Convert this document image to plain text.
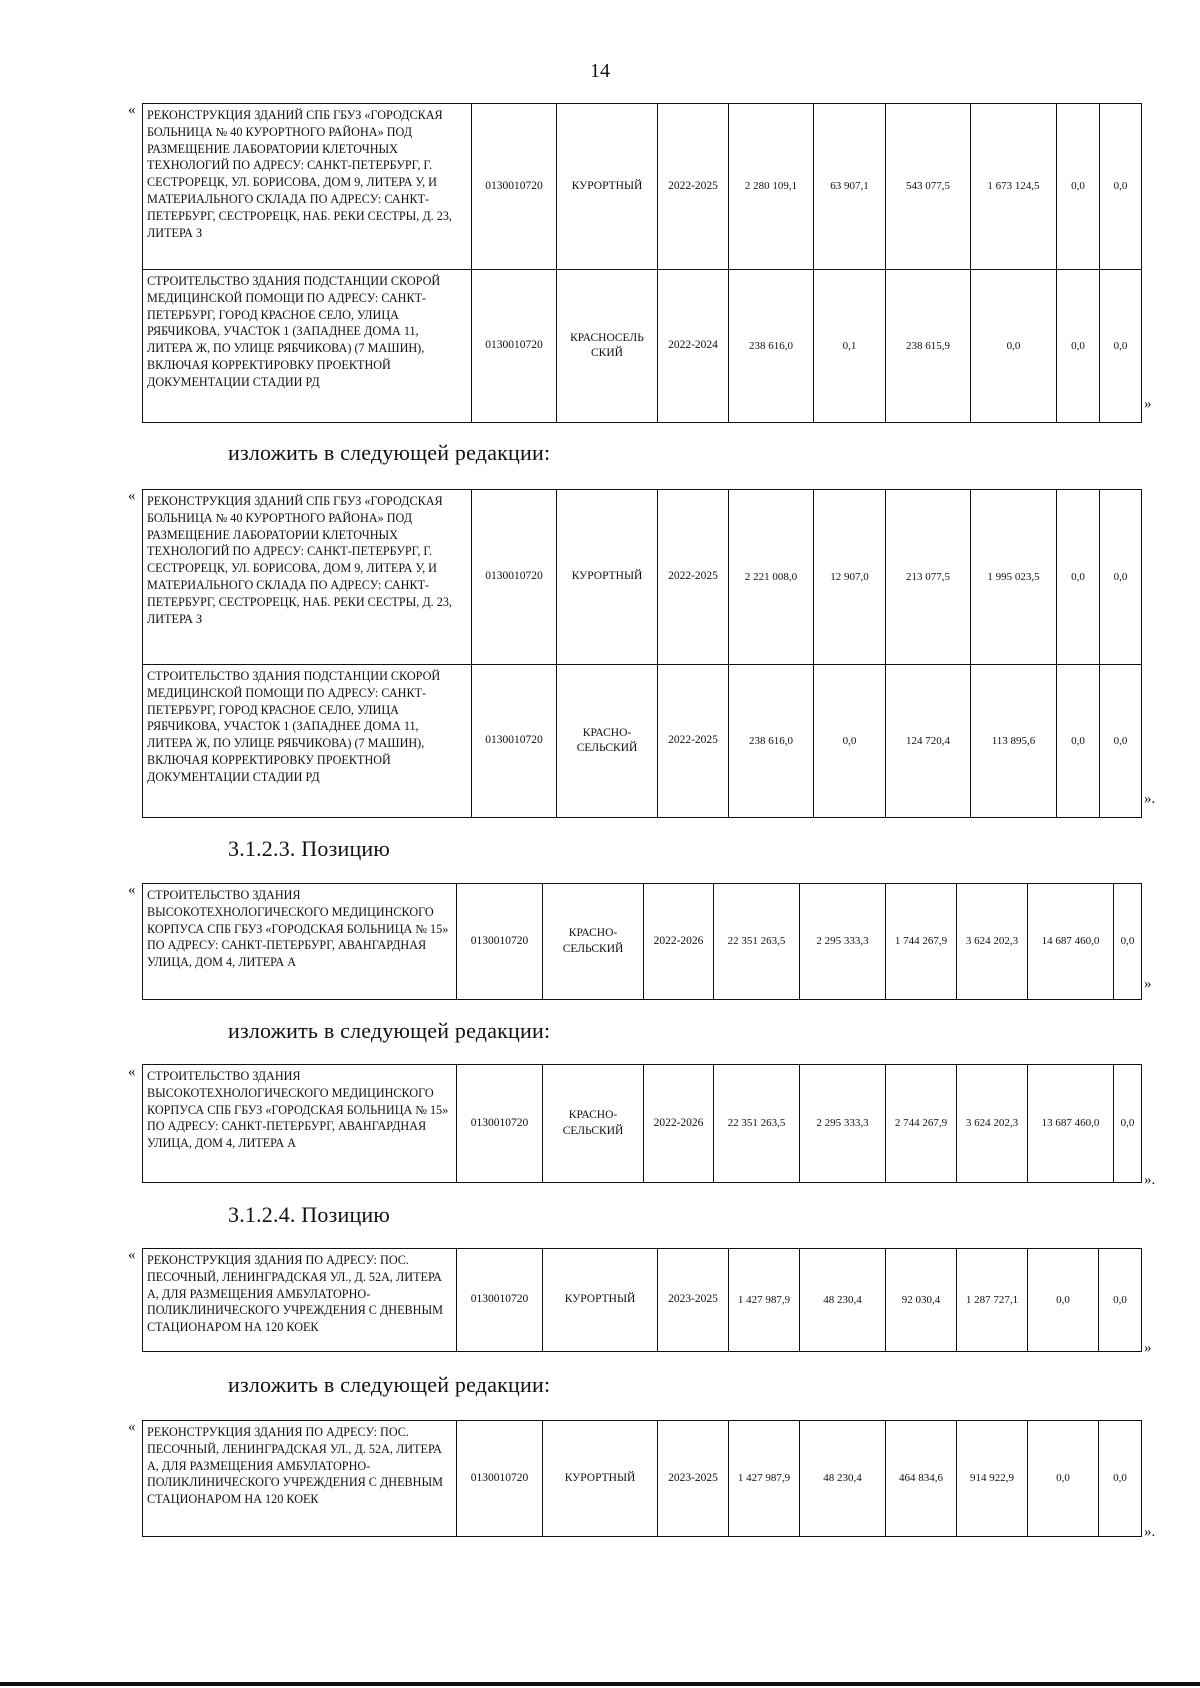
14
« РЕКОНСТРУКЦИЯ ЗДАНИЙ СПБ ГБУЗ «ГОРОДСКАЯ БОЛЬНИЦА № 40 КУРОРТНОГО РАЙОНА» ПОД РАЗМЕЩЕНИЕ ЛАБОРАТОРИИ КЛЕТОЧНЫХ ТЕХНОЛОГИЙ ПО АДРЕСУ: САНКТ-ПЕТЕРБУРГ, Г. СЕСТРОРЕЦК, УЛ. БОРИСОВА, ДОМ 9, ЛИТЕРА У, И МАТЕРИАЛЬНОГО СКЛАДА ПО АДРЕСУ: САНКТ-ПЕТЕРБУРГ, СЕСТРОРЕЦК, НАБ. РЕКИ СЕСТРЫ, Д. 23, ЛИТЕРА З	0130010720	КУРОРТНЫЙ	2022-2025	2 280 109,1	63 907,1	543 077,5	1 673 124,5	0,0	0,0
СТРОИТЕЛЬСТВО ЗДАНИЯ ПОДСТАНЦИИ СКОРОЙ МЕДИЦИНСКОЙ ПОМОЩИ ПО АДРЕСУ: САНКТ-ПЕТЕРБУРГ, ГОРОД КРАСНОЕ СЕЛО, УЛИЦА РЯБЧИКОВА, УЧАСТОК 1 (ЗАПАДНЕЕ ДОМА 11, ЛИТЕРА Ж, ПО УЛИЦЕ РЯБЧИКОВА) (7 МАШИН), ВКЛЮЧАЯ КОРРЕКТИРОВКУ ПРОЕКТНОЙ ДОКУМЕНТАЦИИ СТАДИИ РД	0130010720	КРАСНОСЕЛЬ СКИЙ	2022-2024	238 616,0	0,1	238 615,9	0,0	0,0	0,0
»
изложить в следующей редакции:
« РЕКОНСТРУКЦИЯ ЗДАНИЙ СПБ ГБУЗ «ГОРОДСКАЯ БОЛЬНИЦА № 40 КУРОРТНОГО РАЙОНА» ПОД РАЗМЕЩЕНИЕ ЛАБОРАТОРИИ КЛЕТОЧНЫХ ТЕХНОЛОГИЙ ПО АДРЕСУ: САНКТ-ПЕТЕРБУРГ, Г. СЕСТРОРЕЦК, УЛ. БОРИСОВА, ДОМ 9, ЛИТЕРА У, И МАТЕРИАЛЬНОГО СКЛАДА ПО АДРЕСУ: САНКТ-ПЕТЕРБУРГ, СЕСТРОРЕЦК, НАБ. РЕКИ СЕСТРЫ, Д. 23, ЛИТЕРА З	0130010720	КУРОРТНЫЙ	2022-2025	2 221 008,0	12 907,0	213 077,5	1 995 023,5	0,0	0,0
СТРОИТЕЛЬСТВО ЗДАНИЯ ПОДСТАНЦИИ СКОРОЙ МЕДИЦИНСКОЙ ПОМОЩИ ПО АДРЕСУ: САНКТ-ПЕТЕРБУРГ, ГОРОД КРАСНОЕ СЕЛО, УЛИЦА РЯБЧИКОВА, УЧАСТОК 1 (ЗАПАДНЕЕ ДОМА 11, ЛИТЕРА Ж, ПО УЛИЦЕ РЯБЧИКОВА) (7 МАШИН), ВКЛЮЧАЯ КОРРЕКТИРОВКУ ПРОЕКТНОЙ ДОКУМЕНТАЦИИ СТАДИИ РД	0130010720	КРАСНО-СЕЛЬСКИЙ	2022-2025	238 616,0	0,0	124 720,4	113 895,6	0,0	0,0
».
3.1.2.3. Позицию
« СТРОИТЕЛЬСТВО ЗДАНИЯ ВЫСОКОТЕХНОЛОГИЧЕСКОГО МЕДИЦИНСКОГО КОРПУСА СПБ ГБУЗ «ГОРОДСКАЯ БОЛЬНИЦА № 15» ПО АДРЕСУ: САНКТ-ПЕТЕРБУРГ, АВАНГАРДНАЯ УЛИЦА, ДОМ 4, ЛИТЕРА А	0130010720	КРАСНО-СЕЛЬСКИЙ	2022-2026	22 351 263,5	2 295 333,3	1 744 267,9	3 624 202,3	14 687 460,0	0,0
»
изложить в следующей редакции:
« СТРОИТЕЛЬСТВО ЗДАНИЯ ВЫСОКОТЕХНОЛОГИЧЕСКОГО МЕДИЦИНСКОГО КОРПУСА СПБ ГБУЗ «ГОРОДСКАЯ БОЛЬНИЦА № 15» ПО АДРЕСУ: САНКТ-ПЕТЕРБУРГ, АВАНГАРДНАЯ УЛИЦА, ДОМ 4, ЛИТЕРА А	0130010720	КРАСНО-СЕЛЬСКИЙ	2022-2026	22 351 263,5	2 295 333,3	2 744 267,9	3 624 202,3	13 687 460,0	0,0
».
3.1.2.4. Позицию
« РЕКОНСТРУКЦИЯ ЗДАНИЯ ПО АДРЕСУ: ПОС. ПЕСОЧНЫЙ, ЛЕНИНГРАДСКАЯ УЛ., Д. 52А, ЛИТЕРА А, ДЛЯ РАЗМЕЩЕНИЯ АМБУЛАТОРНО-ПОЛИКЛИНИЧЕСКОГО УЧРЕЖДЕНИЯ С ДНЕВНЫМ СТАЦИОНАРОМ НА 120 КОЕК	0130010720	КУРОРТНЫЙ	2023-2025	1 427 987,9	48 230,4	92 030,4	1 287 727,1	0,0	0,0
»
изложить в следующей редакции:
« РЕКОНСТРУКЦИЯ ЗДАНИЯ ПО АДРЕСУ: ПОС. ПЕСОЧНЫЙ, ЛЕНИНГРАДСКАЯ УЛ., Д. 52А, ЛИТЕРА А, ДЛЯ РАЗМЕЩЕНИЯ АМБУЛАТОРНО-ПОЛИКЛИНИЧЕСКОГО УЧРЕЖДЕНИЯ С ДНЕВНЫМ СТАЦИОНАРОМ НА 120 КОЕК	0130010720	КУРОРТНЫЙ	2023-2025	1 427 987,9	48 230,4	464 834,6	914 922,9	0,0	0,0
».
